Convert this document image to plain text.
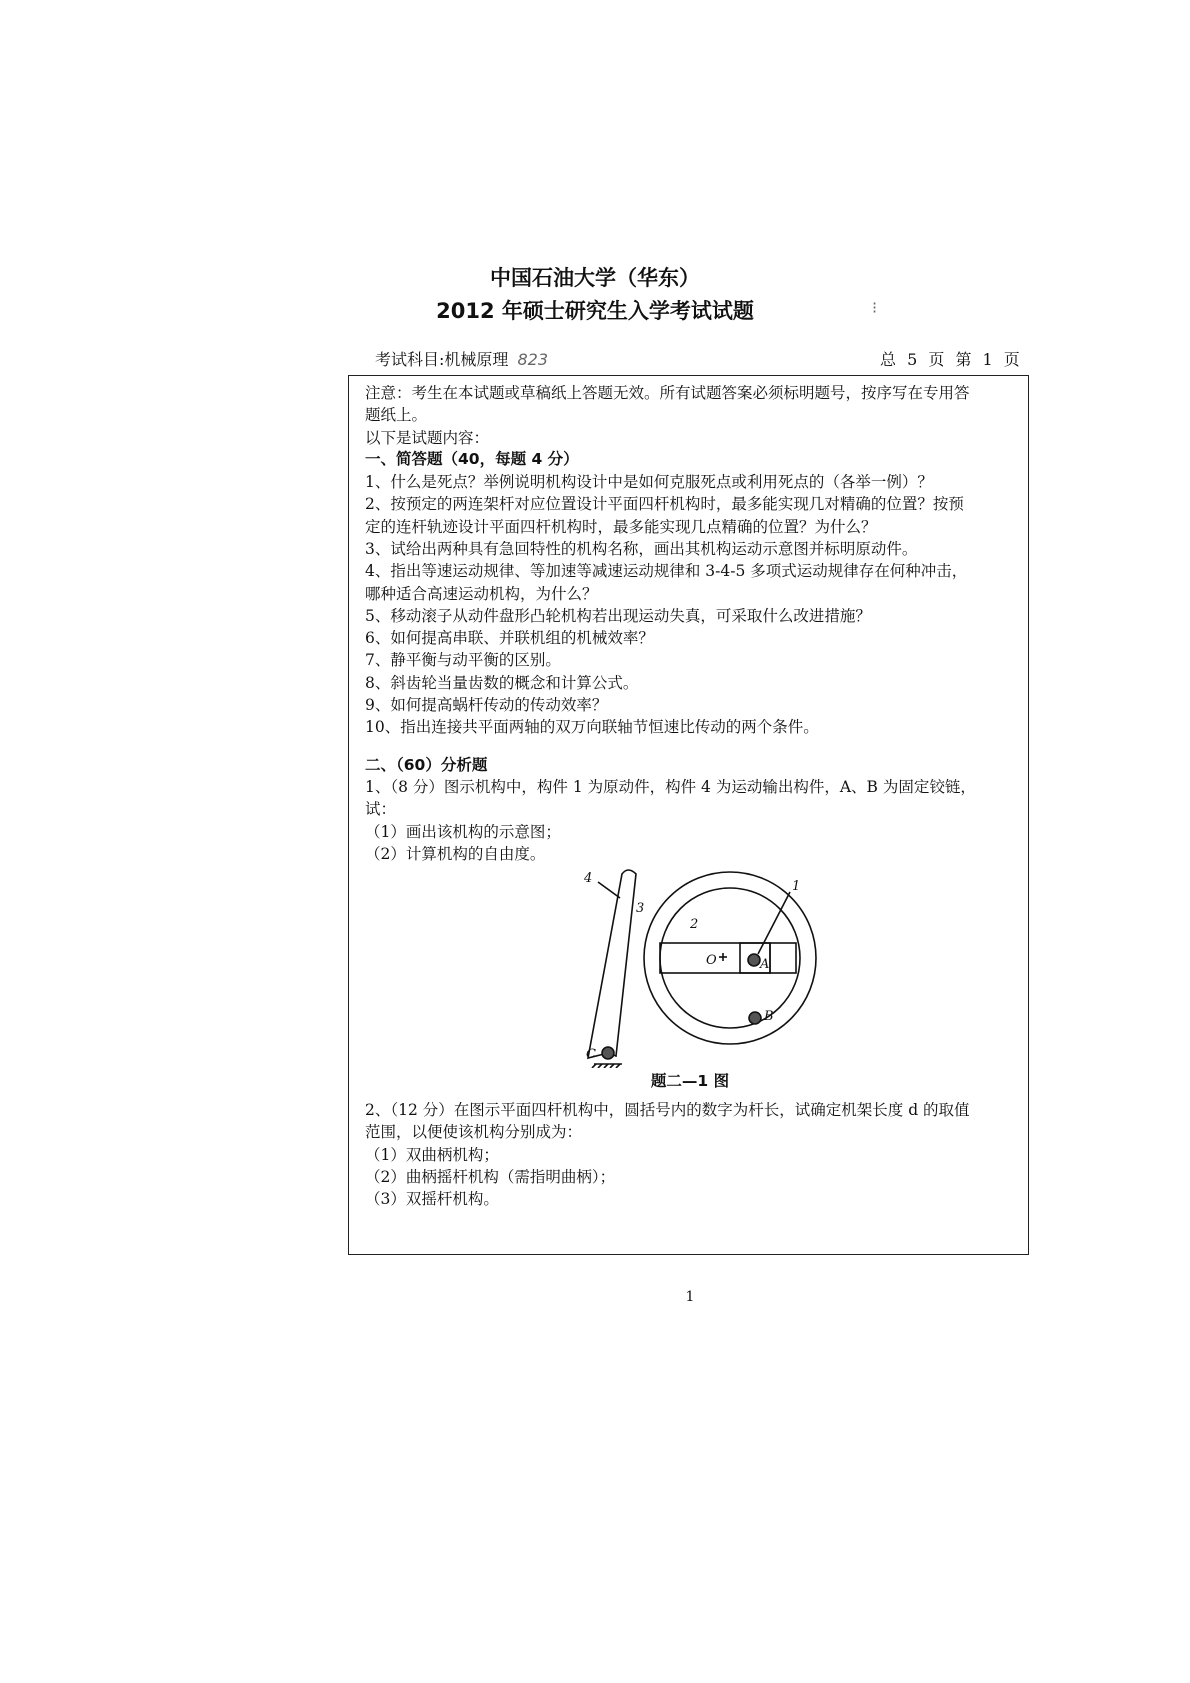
中国石油大学（华东）
2012 年硕士研究生入学考试试题	⁝
考试科目:机械原理 823	总 5 页 第 1 页
注意：考生在本试题或草稿纸上答题无效。所有试题答案必须标明题号，按序写在专用答
题纸上。
以下是试题内容：
一、简答题（40，每题 4 分）
1、什么是死点？举例说明机构设计中是如何克服死点或利用死点的（各举一例）？
2、按预定的两连架杆对应位置设计平面四杆机构时，最多能实现几对精确的位置？按预
定的连杆轨迹设计平面四杆机构时，最多能实现几点精确的位置？为什么？
3、试给出两种具有急回特性的机构名称，画出其机构运动示意图并标明原动件。
4、指出等速运动规律、等加速等减速运动规律和 3-4-5 多项式运动规律存在何种冲击，
哪种适合高速运动机构，为什么？
5、移动滚子从动件盘形凸轮机构若出现运动失真，可采取什么改进措施？
6、如何提高串联、并联机组的机械效率？
7、静平衡与动平衡的区别。
8、斜齿轮当量齿数的概念和计算公式。
9、如何提高蜗杆传动的传动效率？
10、指出连接共平面两轴的双万向联轴节恒速比传动的两个条件。
二、（60）分析题
1、（8 分）图示机构中，构件 1 为原动件，构件 4 为运动输出构件，A、B 为固定铰链，
试：
（1）画出该机构的示意图；
（2）计算机构的自由度。
4
3
2
1
O	A
B
C
题二—1 图
2、（12 分）在图示平面四杆机构中，圆括号内的数字为杆长，试确定机架长度 d 的取值
范围，以便使该机构分别成为：
（1）双曲柄机构；
（2）曲柄摇杆机构（需指明曲柄）；
（3）双摇杆机构。
1
